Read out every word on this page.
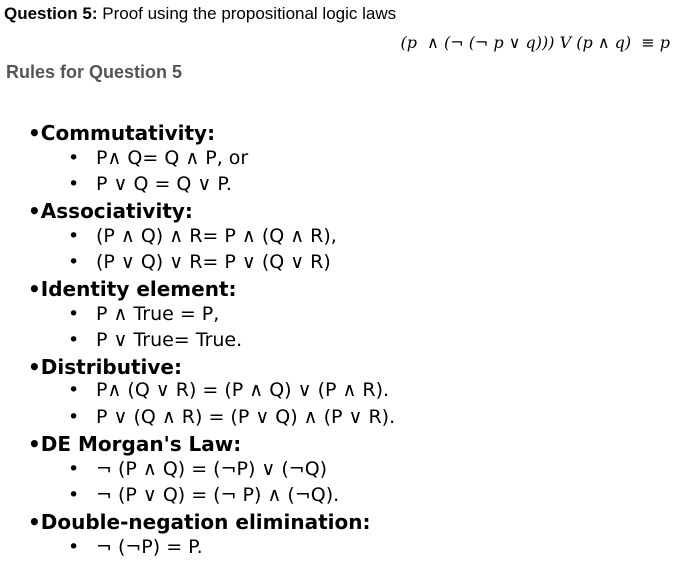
Question 5: Proof using the propositional logic laws
(p  ∧ (¬ (¬ p ∨ q))) V (p ∧ q)  ≡ p
Rules for Question 5
•Commutativity:
• P∧ Q= Q ∧ P, or
• P ∨ Q = Q ∨ P.
•Associativity:
• (P ∧ Q) ∧ R= P ∧ (Q ∧ R),
• (P ∨ Q) ∨ R= P ∨ (Q ∨ R)
•Identity element:
• P ∧ True = P,
• P ∨ True= True.
•Distributive:
• P∧ (Q ∨ R) = (P ∧ Q) ∨ (P ∧ R).
• P ∨ (Q ∧ R) = (P ∨ Q) ∧ (P ∨ R).
•DE Morgan's Law:
• ¬ (P ∧ Q) = (¬P) ∨ (¬Q)
• ¬ (P ∨ Q) = (¬ P) ∧ (¬Q).
•Double-negation elimination:
• ¬ (¬P) = P.
